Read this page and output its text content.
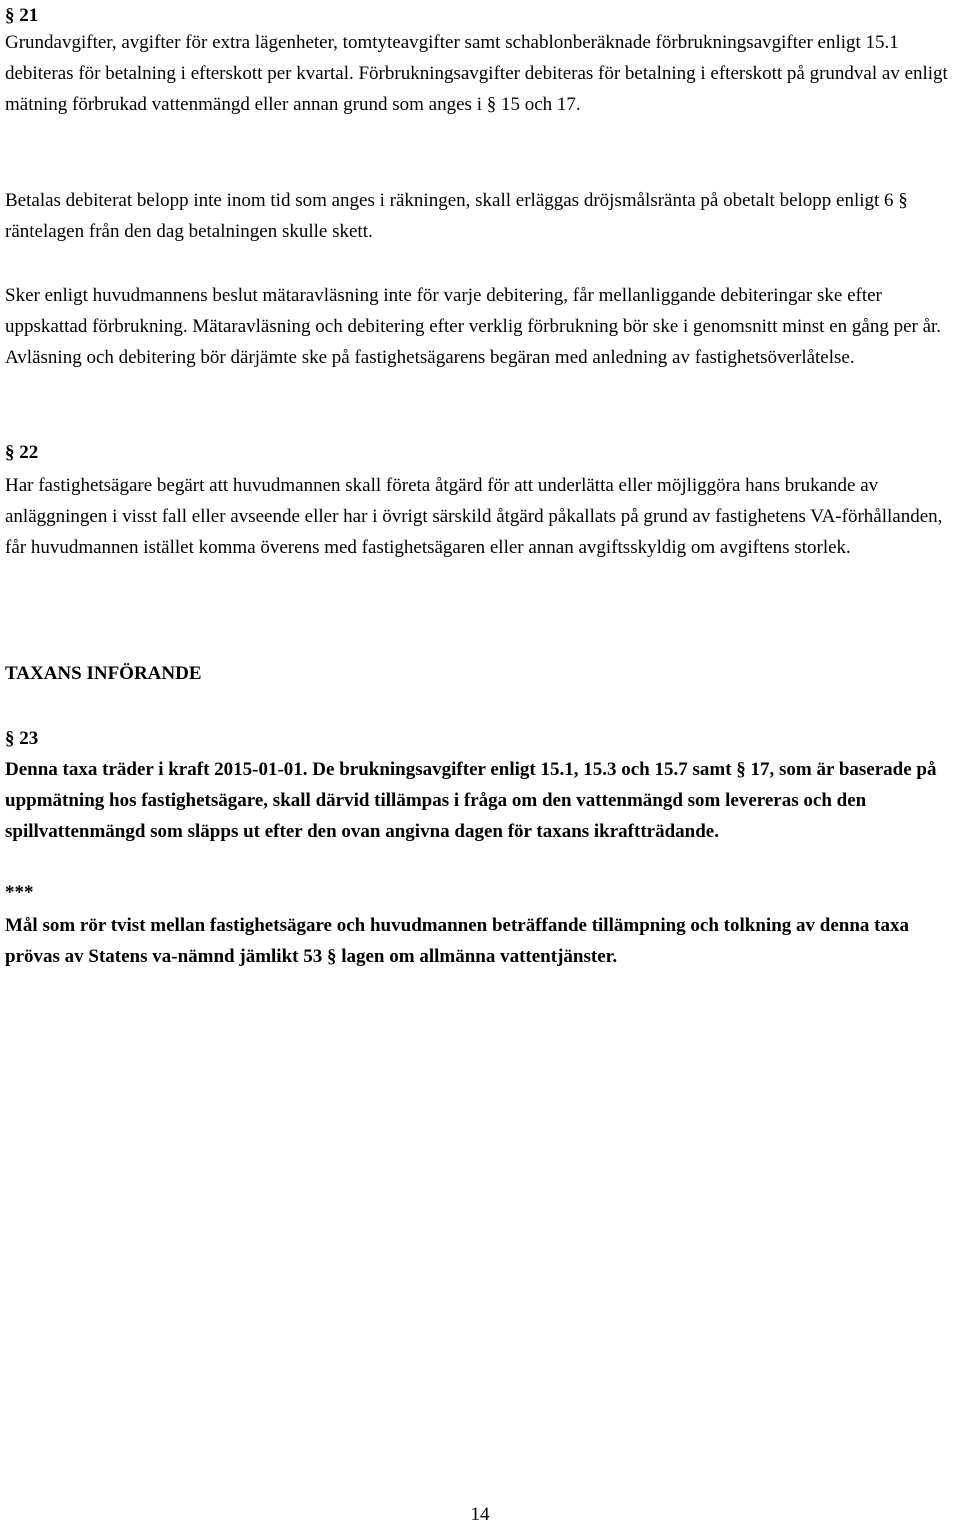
§ 21

Grundavgifter, avgifter för extra lägenheter, tomtyteavgifter samt schablonberäknade förbrukningsavgifter enligt 15.1 debiteras för betalning i efterskott per kvartal. Förbrukningsavgifter debiteras för betalning i efterskott på grundval av enligt mätning förbrukad vattenmängd eller annan grund som anges i § 15 och 17.

Betalas debiterat belopp inte inom tid som anges i räkningen, skall erläggas dröjsmålsränta på obetalt belopp enligt 6 § räntelagen från den dag betalningen skulle skett.

Sker enligt huvudmannens beslut mätaravläsning inte för varje debitering, får mellanliggande debiteringar ske efter uppskattad förbrukning. Mätaravläsning och debitering efter verklig förbrukning bör ske i genomsnitt minst en gång per år. Avläsning och debitering bör därjämte ske på fastighetsägarens begäran med anledning av fastighetsöverlåtelse.

§ 22

Har fastighetsägare begärt att huvudmannen skall företa åtgärd för att underlätta eller möjliggöra hans brukande av anläggningen i visst fall eller avseende eller har i övrigt särskild åtgärd påkallats på grund av fastighetens VA-förhållanden, får huvudmannen istället komma överens med fastighetsägaren eller annan avgiftsskyldig om avgiftens storlek.

TAXANS INFÖRANDE

§ 23

Denna taxa träder i kraft 2015-01-01. De brukningsavgifter enligt 15.1, 15.3 och 15.7 samt § 17, som är baserade på uppmätning hos fastighetsägare, skall därvid tillämpas i fråga om den vattenmängd som levereras och den spillvattenmängd som släpps ut efter den ovan angivna dagen för taxans ikraftträdande.

***

Mål som rör tvist mellan fastighetsägare och huvudmannen beträffande tillämpning och tolkning av denna taxa prövas av Statens va-nämnd jämlikt 53 § lagen om allmänna vattentjänster.

14
